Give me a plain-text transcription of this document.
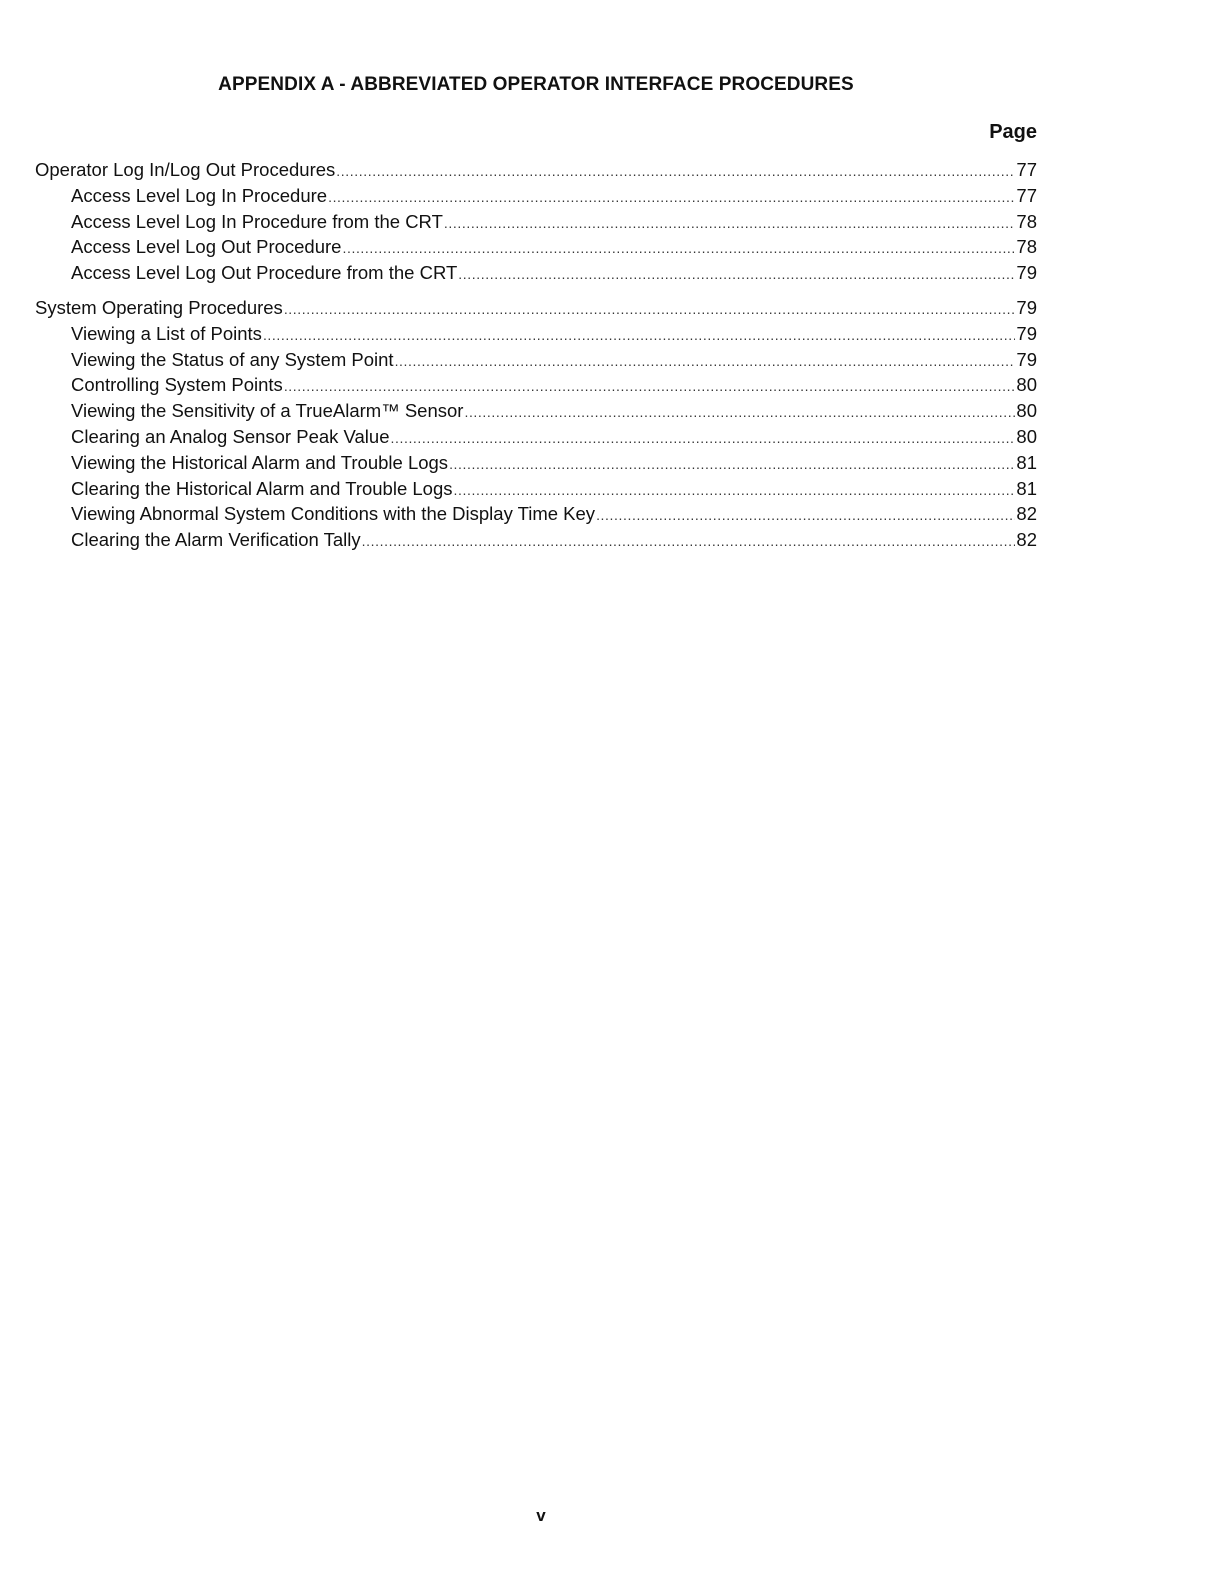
APPENDIX A - ABBREVIATED OPERATOR INTERFACE PROCEDURES
Page
Operator Log In/Log Out Procedures .....	77
Access Level Log In Procedure .....	77
Access Level Log In Procedure from the CRT .....	78
Access Level Log Out Procedure .....	78
Access Level Log Out Procedure from the CRT .....	79
System Operating Procedures .....	79
Viewing a List of Points .....	79
Viewing the Status of any System Point .....	79
Controlling System Points .....	80
Viewing the Sensitivity of a TrueAlarm™ Sensor .....	80
Clearing an Analog Sensor Peak Value .....	80
Viewing the Historical Alarm and Trouble Logs .....	81
Clearing the Historical Alarm and Trouble Logs .....	81
Viewing Abnormal System Conditions with the Display Time Key .....	82
Clearing the Alarm Verification Tally .....	82
v
